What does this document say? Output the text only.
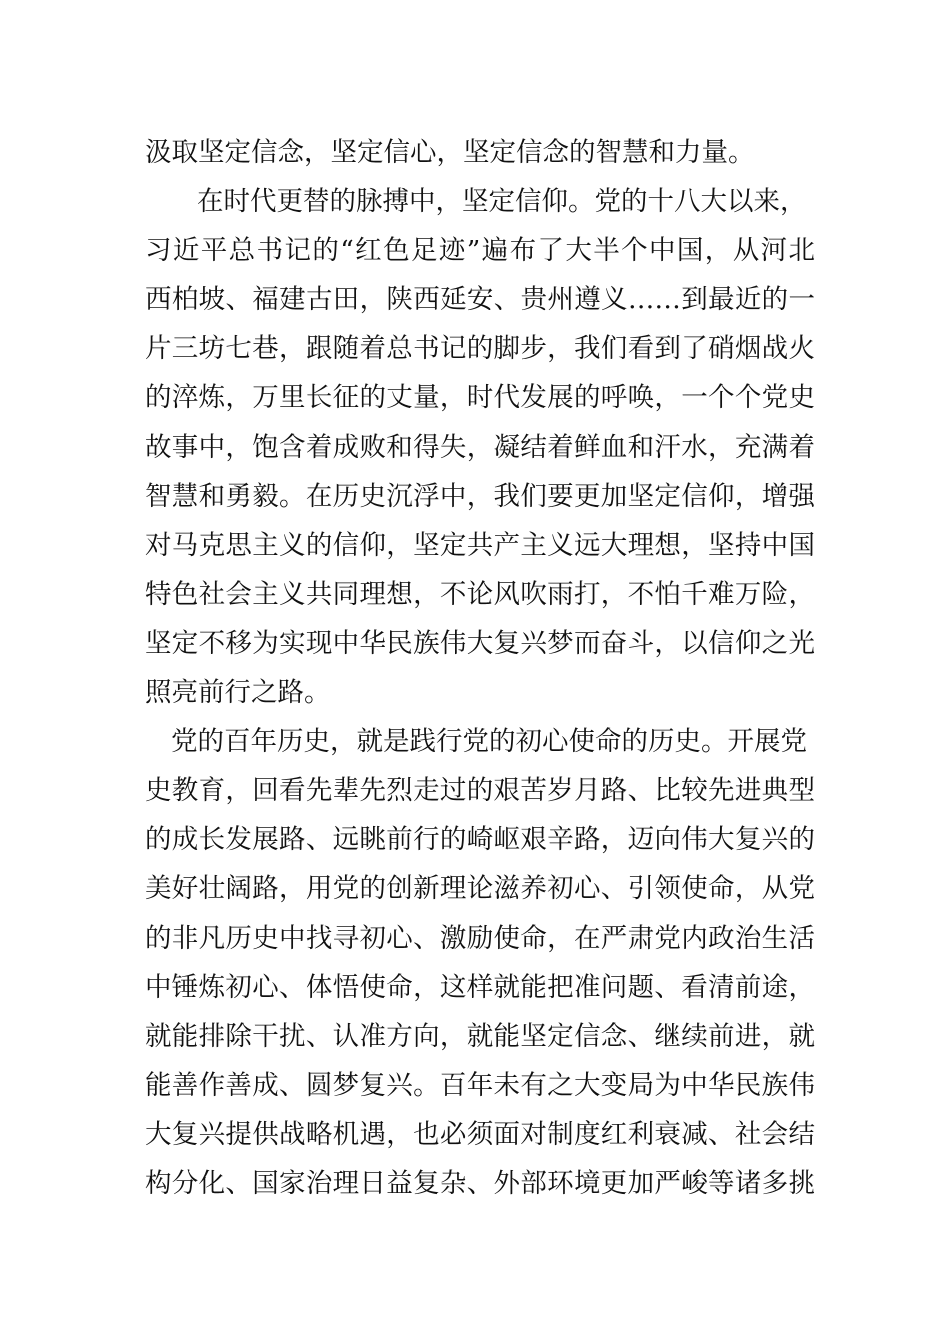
汲取坚定信念，坚定信心，坚定信念的智慧和力量。
在时代更替的脉搏中，坚定信仰。党的十八大以来，
习近平总书记的“红色足迹”遍布了大半个中国，从河北
西柏坡、福建古田，陕西延安、贵州遵义……到最近的一
片三坊七巷，跟随着总书记的脚步，我们看到了硝烟战火
的淬炼，万里长征的丈量，时代发展的呼唤，一个个党史
故事中，饱含着成败和得失，凝结着鲜血和汗水，充满着
智慧和勇毅。在历史沉浮中，我们要更加坚定信仰，增强
对马克思主义的信仰，坚定共产主义远大理想，坚持中国
特色社会主义共同理想，不论风吹雨打，不怕千难万险，
坚定不移为实现中华民族伟大复兴梦而奋斗，以信仰之光
照亮前行之路。
党的百年历史，就是践行党的初心使命的历史。开展党
史教育，回看先辈先烈走过的艰苦岁月路、比较先进典型
的成长发展路、远眺前行的崎岖艰辛路，迈向伟大复兴的
美好壮阔路，用党的创新理论滋养初心、引领使命，从党
的非凡历史中找寻初心、激励使命，在严肃党内政治生活
中锤炼初心、体悟使命，这样就能把准问题、看清前途，
就能排除干扰、认准方向，就能坚定信念、继续前进，就
能善作善成、圆梦复兴。百年未有之大变局为中华民族伟
大复兴提供战略机遇，也必须面对制度红利衰减、社会结
构分化、国家治理日益复杂、外部环境更加严峻等诸多挑
